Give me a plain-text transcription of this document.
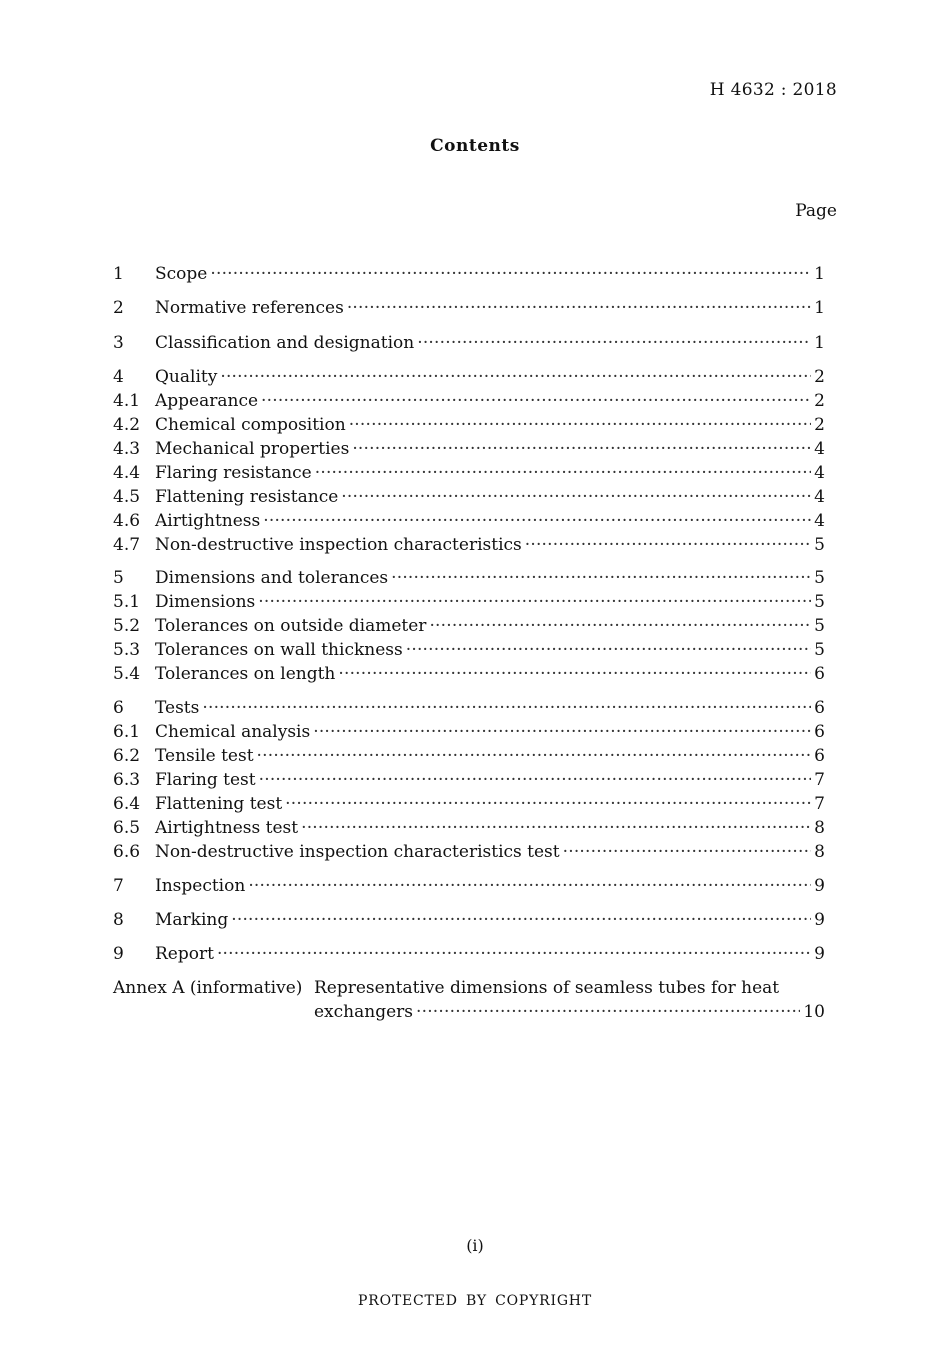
H 4632 : 2018
Contents
Page
1	Scope ·····	1
2	Normative references ·····	1
3	Classification and designation ·····	1
4	Quality ·····	2
4.1 Appearance ·····	2
4.2 Chemical composition ·····	2
4.3 Mechanical properties ·····	4
4.4 Flaring resistance ·····	4
4.5 Flattening resistance ·····	4
4.6 Airtightness ·····	4
4.7 Non-destructive inspection characteristics ·····	5
5	Dimensions and tolerances ·····	5
5.1 Dimensions ·····	5
5.2 Tolerances on outside diameter ·····	5
5.3 Tolerances on wall thickness ·····	5
5.4 Tolerances on length ·····	6
6	Tests ·····	6
6.1 Chemical analysis ·····	6
6.2 Tensile test ·····	6
6.3 Flaring test ·····	7
6.4 Flattening test ·····	7
6.5 Airtightness test ·····	8
6.6 Non-destructive inspection characteristics test ·····	8
7	Inspection ·····	9
8	Marking ·····	9
9	Report ·····	9
Annex A (informative) Representative dimensions of seamless tubes for heat
exchangers ·····	10
(i)
PROTECTED BY COPYRIGHT
